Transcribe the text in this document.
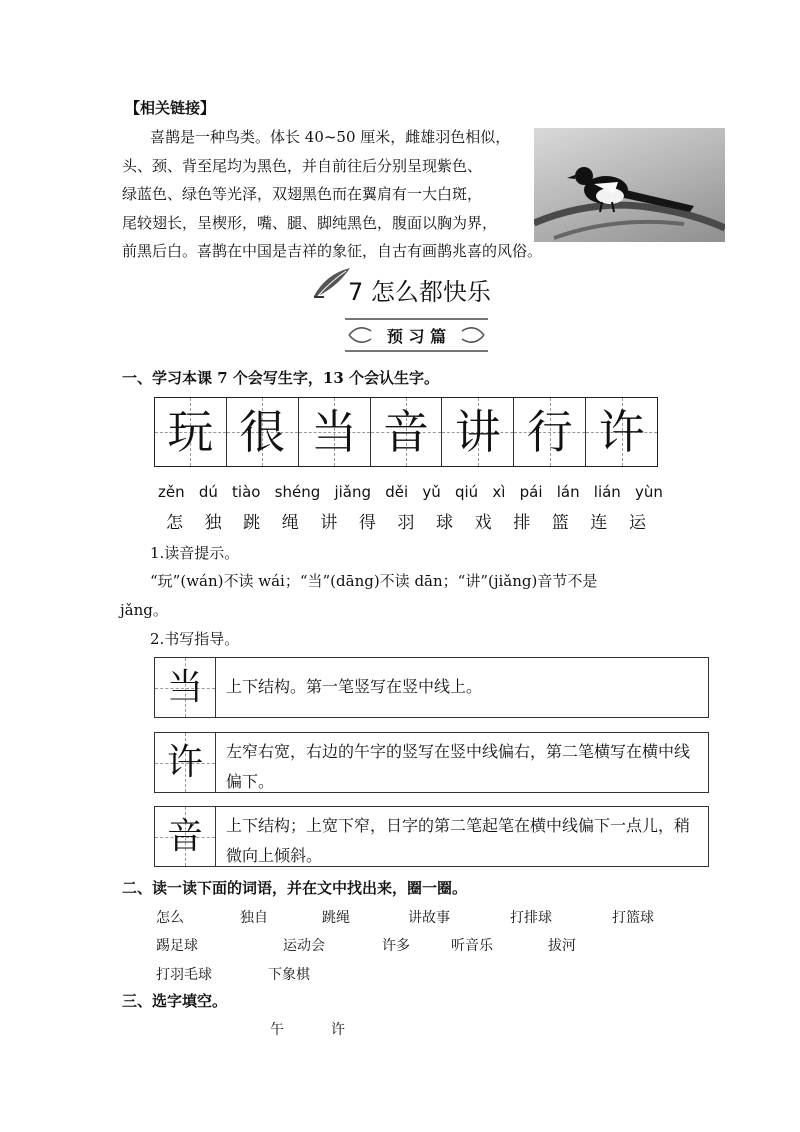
【相关链接】
喜鹊是一种鸟类。体长 40~50 厘米，雌雄羽色相似，
头、颈、背至尾均为黑色，并自前往后分别呈现紫色、
绿蓝色、绿色等光泽，双翅黑色而在翼肩有一大白斑，
尾较翅长，呈楔形，嘴、腿、脚纯黑色，腹面以胸为界，
前黑后白。喜鹊在中国是吉祥的象征，自古有画鹊兆喜的风俗。
7 怎么都快乐
预 习 篇
一、学习本课 7 个会写生字，13 个会认生字。
玩 很 当 音 讲 行 许
zěn dú tiào shéng jiǎng děi yǔ qiú xì pái lán lián yùn
怎 独 跳 绳 讲 得 羽 球 戏 排 篮 连 运
1.读音提示。
“玩”(wán)不读 wái；“当”(dāng)不读 dān；“讲”(jiǎng)音节不是
jǎng。
2.书写指导。
当	上下结构。第一笔竖写在竖中线上。
许	左窄右宽，右边的午字的竖写在竖中线偏右，第二笔横写在横中线偏下。
音	上下结构；上宽下窄，日字的第二笔起笔在横中线偏下一点儿，稍微向上倾斜。
二、读一读下面的词语，并在文中找出来，圈一圈。
怎么	独自	跳绳	讲故事	打排球	打篮球
踢足球	运动会	许多	听音乐	拔河
打羽毛球	下象棋
三、选字填空。
午	许
